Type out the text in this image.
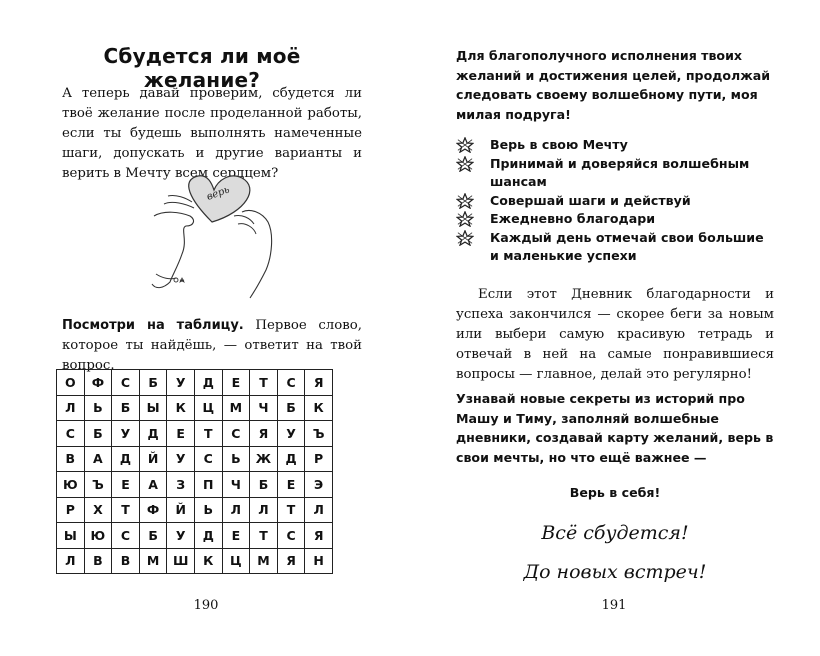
Сбудется ли моё желание?

А теперь давай проверим, сбудется ли твоё желание после проделанной работы, если ты будешь выполнять намеченные шаги, допускать и другие варианты и верить в Мечту всем сердцем?

верь

Посмотри на таблицу. Первое слово, которое ты найдёшь, — ответит на твой вопрос.

О	Ф	С	Б	У	Д	Е	Т	С	Я
Л	Ь	Б	Ы	К	Ц	М	Ч	Б	К
С	Б	У	Д	Е	Т	С	Я	У	Ъ
В	А	Д	Й	У	С	Ь	Ж	Д	Р
Ю	Ъ	Е	А	З	П	Ч	Б	Е	Э
Р	Х	Т	Ф	Й	Ь	Л	Л	Т	Л
Ы	Ю	С	Б	У	Д	Е	Т	С	Я
Л	В	В	М	Ш	К	Ц	М	Я	Н

190

Для благополучного исполнения твоих желаний и достижения целей, продолжай следовать своему волшебному пути, моя милая подруга!

Верь в свою Мечту
Принимай и доверяйся волшебным шансам
Совершай шаги и действуй
Ежедневно благодари
Каждый день отмечай свои большие и маленькие успехи

Если этот Дневник благодарности и успеха закончился — скорее беги за новым или выбери самую красивую тетрадь и отвечай в ней на самые понравившиеся вопросы — главное, делай это регулярно!

Узнавай новые секреты из историй про Машу и Тиму, заполняй волшебные дневники, создавай карту желаний, верь в свои мечты, но что ещё важнее —

Верь в себя!

Всё сбудется!

До новых встреч!

191
